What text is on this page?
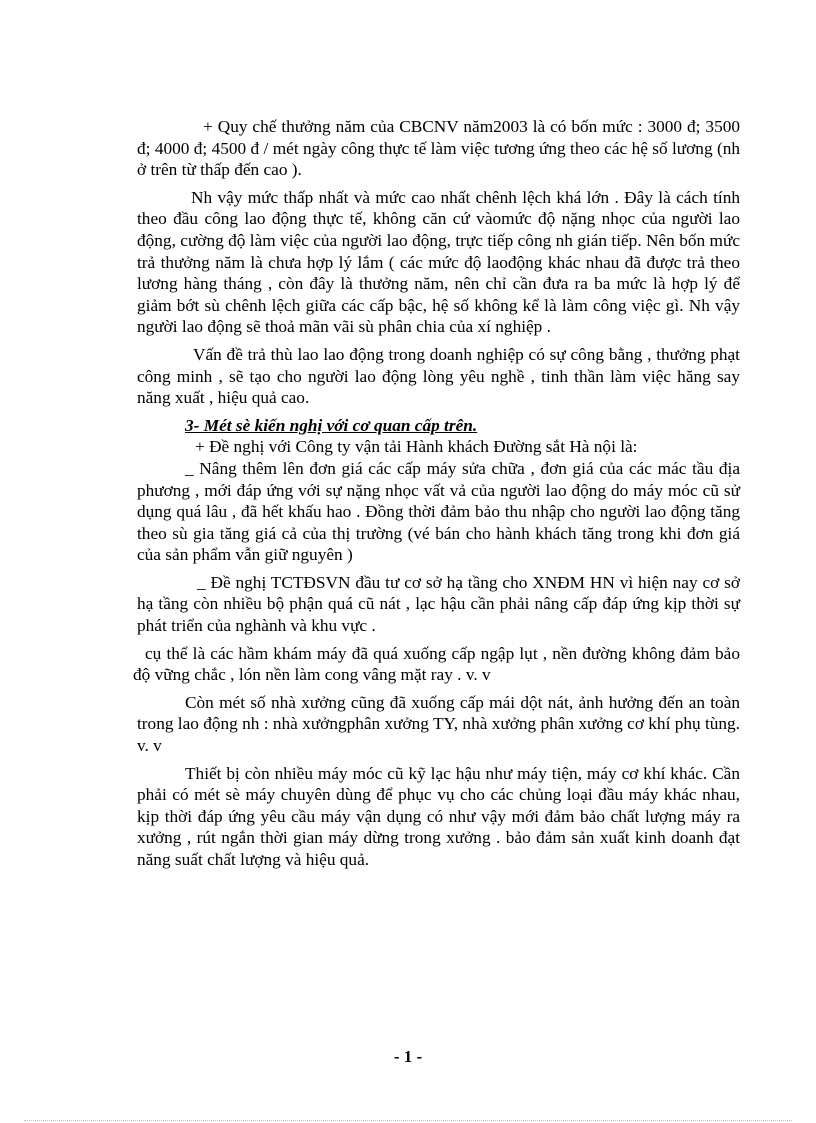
+ Quy chế thưởng năm của CBCNV năm2003 là có bốn mức : 3000 đ; 3500 đ; 4000 đ; 4500 đ / mét ngày công thực tế làm việc tương ứng theo các hệ số lương (nh ở trên từ thấp đến cao ).

Nh vậy mức thấp nhất và mức cao nhất chênh lệch khá lớn . Đây là cách tính theo đầu công lao động thực tế, không căn cứ vàomức độ nặng nhọc của người lao động, cường độ làm việc của người lao động, trực tiếp công nh gián tiếp. Nên bốn mức trả thưởng năm là chưa hợp lý lắm ( các mức độ laođộng khác nhau đã được trả theo lương hàng tháng , còn đây là thưởng năm, nên chỉ cần đưa ra ba mức là hợp lý để giảm bớt sù chênh lệch giữa các cấp bậc, hệ số không kể là làm công việc gì. Nh vậy người lao động sẽ thoả mãn vãi sù phân chia của xí nghiệp .

Vấn đề trả thù lao lao động trong doanh nghiệp có sự công bằng , thưởng phạt công minh , sẽ tạo cho người lao động lòng yêu nghề , tinh thần làm việc hăng say năng xuất , hiệu quả cao.

3- Mét sè kiến nghị với cơ quan cấp trên.

+ Đề nghị với Công ty vận tải Hành khách Đường sắt Hà nội là:

_ Nâng thêm lên đơn giá các cấp máy sửa chữa , đơn giá của các mác tầu địa phương , mới đáp ứng với sự nặng nhọc vất vả của người lao động do máy móc cũ sử dụng quá lâu , đã hết khấu hao . Đồng thời đảm bảo thu nhập cho người lao động tăng theo sù gia tăng giá cả của thị trường (vé bán cho hành khách tăng trong khi đơn giá của sản phẩm vẫn giữ nguyên )

_ Đề nghị TCTĐSVN đầu tư cơ sở hạ tầng cho XNĐM HN vì hiện nay cơ sở hạ tầng còn nhiều bộ phận quá cũ nát , lạc hậu cần phải nâng cấp đáp ứng kịp thời sự phát triển của nghành và khu vực .

cụ thể là các hầm khám máy đã quá xuống cấp ngập lụt , nền đường không đảm bảo độ vững chắc , lón nền làm cong vâng mặt ray . v. v

Còn mét số nhà xưởng cũng đã xuống cấp mái dột nát, ảnh hưởng đến an toàn trong lao động nh : nhà xưởngphân xưởng TY, nhà xưởng phân xưởng cơ khí phụ tùng. v. v

Thiết bị còn nhiều máy móc cũ kỹ lạc hậu như máy tiện, máy cơ khí khác. Cần phải có mét sè máy chuyên dùng để phục vụ cho các chủng loại đầu máy khác nhau, kịp thời đáp ứng yêu cầu máy vận dụng có như vậy mới đảm bảo chất lượng máy ra xưởng , rút ngắn thời gian máy dừng trong xưởng . bảo đảm sản xuất kinh doanh đạt năng suất chất lượng và hiệu quả.

- 1 -
